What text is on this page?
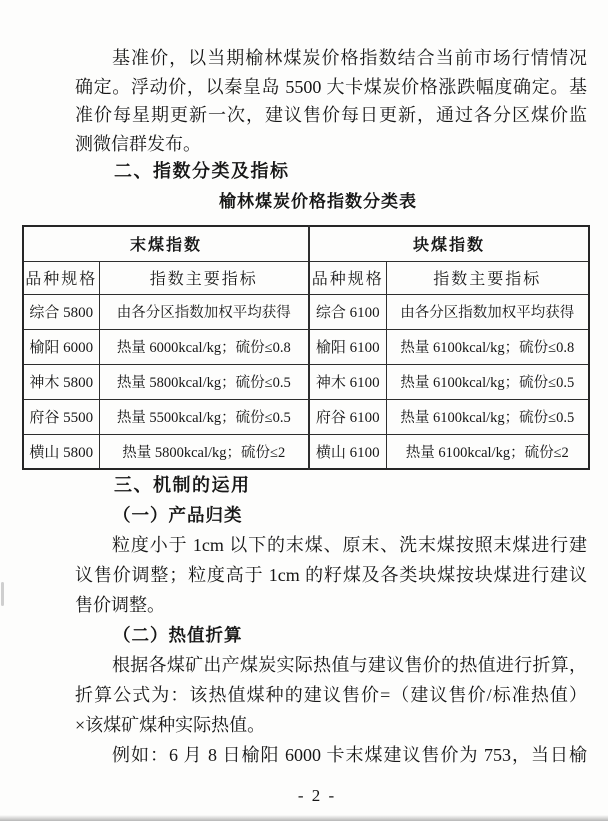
基准价，以当期榆林煤炭价格指数结合当前市场行情情况
确定。浮动价，以秦皇岛 5500 大卡煤炭价格涨跌幅度确定。基
准价每星期更新一次，建议售价每日更新，通过各分区煤价监
测微信群发布。
二、指数分类及指标
榆林煤炭价格指数分类表
末煤指数		块煤指数	
品种规格	指数主要指标	品种规格	指数主要指标
综合 5800	由各分区指数加权平均获得	综合 6100	由各分区指数加权平均获得
榆阳 6000	热量 6000kcal/kg；硫份≤0.8	榆阳 6100	热量 6100kcal/kg；硫份≤0.8
神木 5800	热量 5800kcal/kg；硫份≤0.5	神木 6100	热量 6100kcal/kg；硫份≤0.5
府谷 5500	热量 5500kcal/kg；硫份≤0.5	府谷 6100	热量 6100kcal/kg；硫份≤0.5
横山 5800	热量 5800kcal/kg；硫份≤2	横山 6100	热量 6100kcal/kg；硫份≤2
三、机制的运用
（一）产品归类
粒度小于 1cm 以下的末煤、原末、洗末煤按照末煤进行建
议售价调整；粒度高于 1cm 的籽煤及各类块煤按块煤进行建议
售价调整。
（二）热值折算
根据各煤矿出产煤炭实际热值与建议售价的热值进行折算，
折算公式为：该热值煤种的建议售价=（建议售价/标准热值）
×该煤矿煤种实际热值。
例如：6 月 8 日榆阳 6000 卡末煤建议售价为 753，当日榆
- 2 -
